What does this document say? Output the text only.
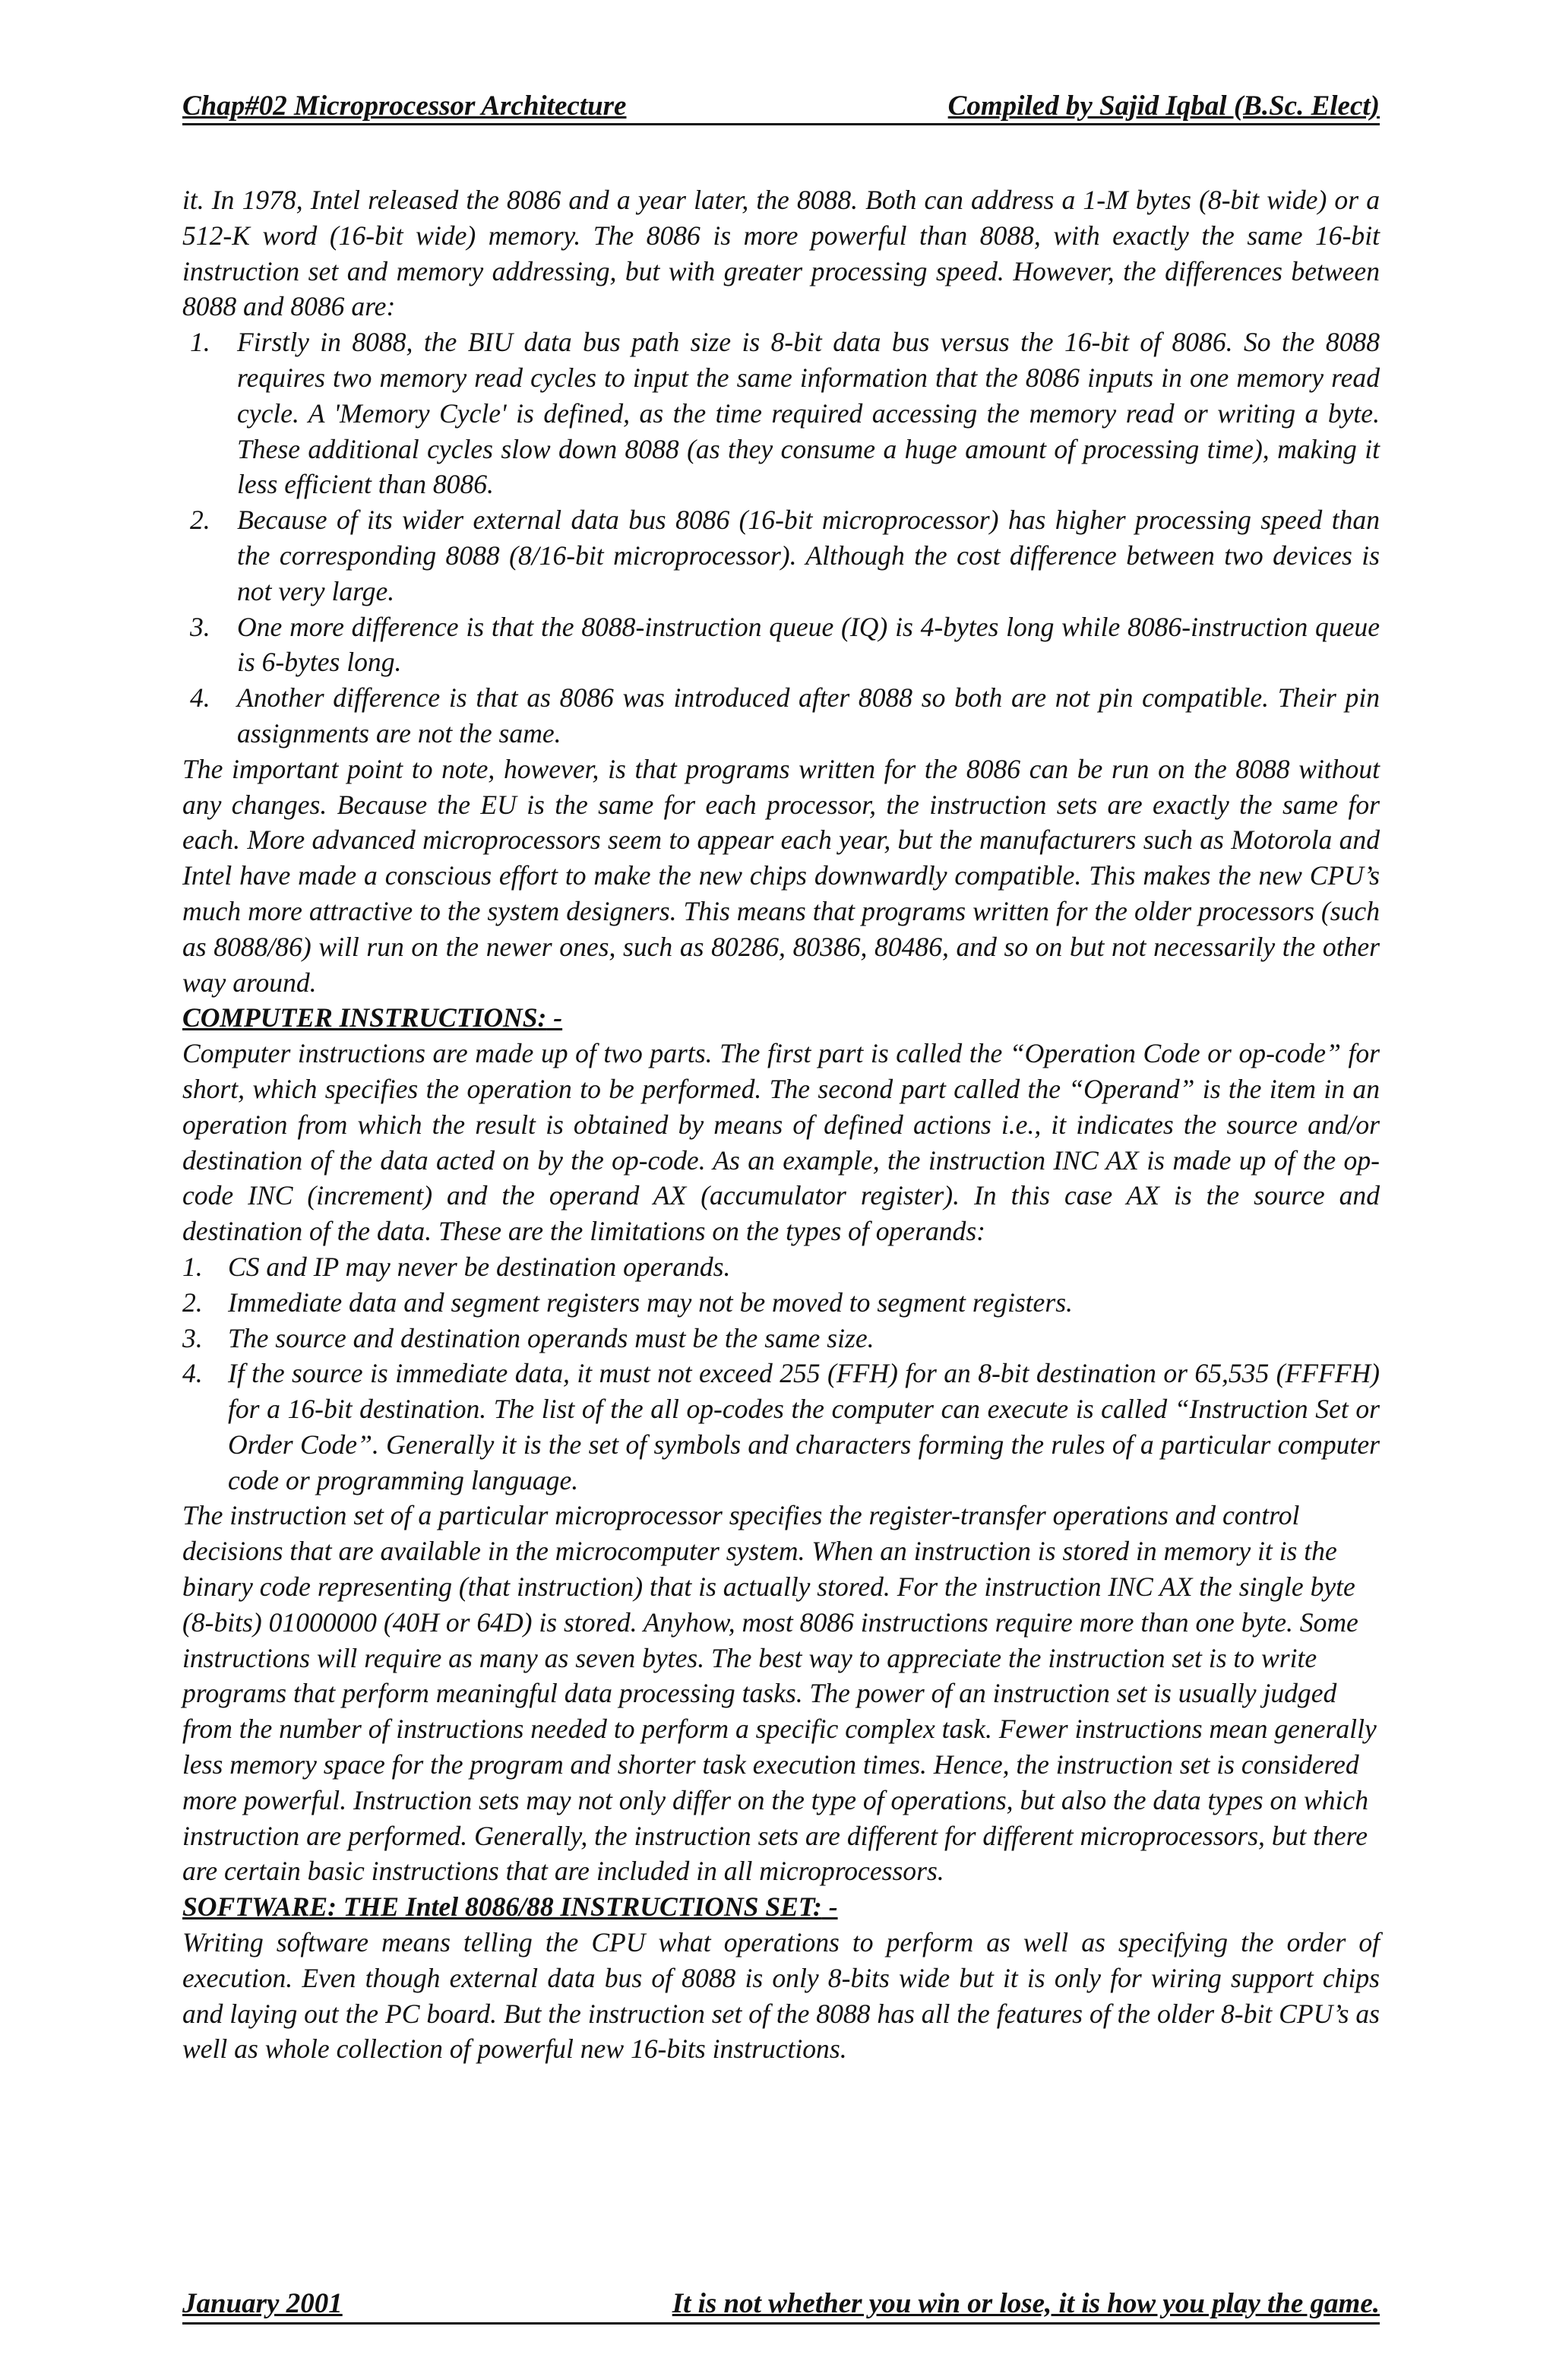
Chap#02 Microprocessor Architecture	Compiled by Sajid Iqbal (B.Sc. Elect)

it. In 1978, Intel released the 8086 and a year later, the 8088. Both can address a 1-M bytes (8-bit wide) or a 512-K word (16-bit wide) memory. The 8086 is more powerful than 8088, with exactly the same 16-bit instruction set and memory addressing, but with greater processing speed. However, the differences between 8088 and 8086 are:

1. Firstly in 8088, the BIU data bus path size is 8-bit data bus versus the 16-bit of 8086. So the 8088 requires two memory read cycles to input the same information that the 8086 inputs in one memory read cycle. A 'Memory Cycle' is defined, as the time required accessing the memory read or writing a byte. These additional cycles slow down 8088 (as they consume a huge amount of processing time), making it less efficient than 8086.
2. Because of its wider external data bus 8086 (16-bit microprocessor) has higher processing speed than the corresponding 8088 (8/16-bit microprocessor). Although the cost difference between two devices is not very large.
3. One more difference is that the 8088-instruction queue (IQ) is 4-bytes long while 8086-instruction queue is 6-bytes long.
4. Another difference is that as 8086 was introduced after 8088 so both are not pin compatible. Their pin assignments are not the same.

The important point to note, however, is that programs written for the 8086 can be run on the 8088 without any changes. Because the EU is the same for each processor, the instruction sets are exactly the same for each. More advanced microprocessors seem to appear each year, but the manufacturers such as Motorola and Intel have made a conscious effort to make the new chips downwardly compatible. This makes the new CPU’s much more attractive to the system designers. This means that programs written for the older processors (such as 8088/86) will run on the newer ones, such as 80286, 80386, 80486, and so on but not necessarily the other way around.

COMPUTER INSTRUCTIONS: -

Computer instructions are made up of two parts. The first part is called the “Operation Code or op-code” for short, which specifies the operation to be performed. The second part called the “Operand” is the item in an operation from which the result is obtained by means of defined actions i.e., it indicates the source and/or destination of the data acted on by the op-code. As an example, the instruction INC AX is made up of the op-code INC (increment) and the operand AX (accumulator register). In this case AX is the source and destination of the data. These are the limitations on the types of operands:

1. CS and IP may never be destination operands.
2. Immediate data and segment registers may not be moved to segment registers.
3. The source and destination operands must be the same size.
4. If the source is immediate data, it must not exceed 255 (FFH) for an 8-bit destination or 65,535 (FFFFH) for a 16-bit destination. The list of the all op-codes the computer can execute is called “Instruction Set or Order Code”. Generally it is the set of symbols and characters forming the rules of a particular computer code or programming language.

The instruction set of a particular microprocessor specifies the register-transfer operations and control decisions that are available in the microcomputer system. When an instruction is stored in memory it is the binary code representing (that instruction) that is actually stored. For the instruction INC AX the single byte (8-bits) 01000000 (40H or 64D) is stored. Anyhow, most 8086 instructions require more than one byte. Some instructions will require as many as seven bytes. The best way to appreciate the instruction set is to write programs that perform meaningful data processing tasks. The power of an instruction set is usually judged from the number of instructions needed to perform a specific complex task. Fewer instructions mean generally less memory space for the program and shorter task execution times. Hence, the instruction set is considered more powerful. Instruction sets may not only differ on the type of operations, but also the data types on which instruction are performed. Generally, the instruction sets are different for different microprocessors, but there are certain basic instructions that are included in all microprocessors.

SOFTWARE: THE Intel 8086/88 INSTRUCTIONS SET: -

Writing software means telling the CPU what operations to perform as well as specifying the order of execution. Even though external data bus of 8088 is only 8-bits wide but it is only for wiring support chips and laying out the PC board. But the instruction set of the 8088 has all the features of the older 8-bit CPU’s as well as whole collection of powerful new 16-bits instructions.

January 2001	It is not whether you win or lose, it is how you play the game.
